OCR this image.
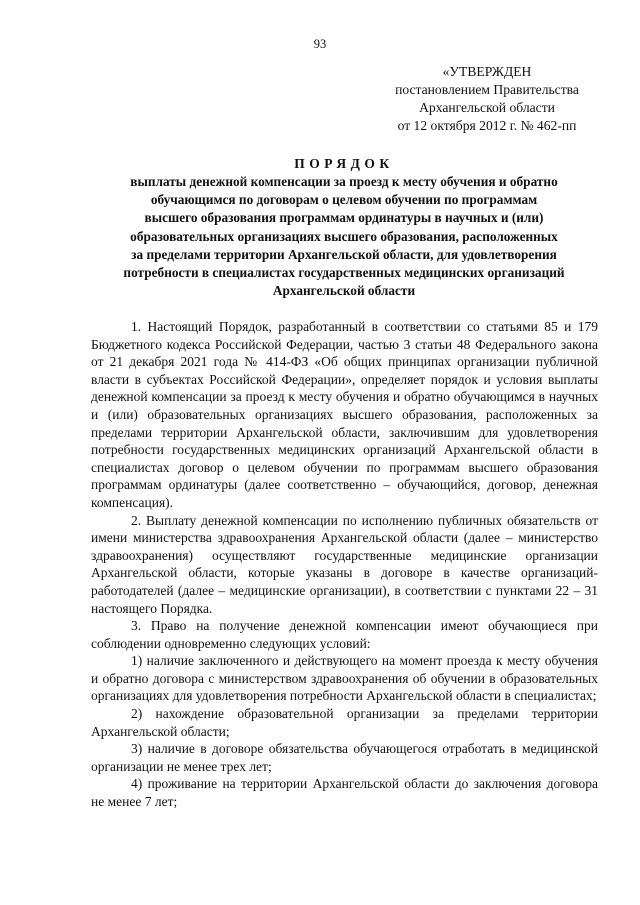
93
«УТВЕРЖДЕН
постановлением Правительства
Архангельской области
от 12 октября 2012 г. № 462-пп
ПОРЯДОК
выплаты денежной компенсации за проезд к месту обучения и обратно
обучающимся по договорам о целевом обучении по программам
высшего образования программам ординатуры в научных и (или)
образовательных организациях высшего образования, расположенных
за пределами территории Архангельской области, для удовлетворения
потребности в специалистах государственных медицинских организаций
Архангельской области

1. Настоящий Порядок, разработанный в соответствии со статьями 85 и 179 Бюджетного кодекса Российской Федерации, частью 3 статьи 48 Федерального закона от 21 декабря 2021 года № 414-ФЗ «Об общих принципах организации публичной власти в субъектах Российской Федерации», определяет порядок и условия выплаты денежной компенсации за проезд к месту обучения и обратно обучающимся в научных и (или) образовательных организациях высшего образования, расположенных за пределами территории Архангельской области, заключившим для удовлетворения потребности государственных медицинских организаций Архангельской области в специалистах договор о целевом обучении по программам высшего образования программам ординатуры (далее соответственно – обучающийся, договор, денежная компенсация).

2. Выплату денежной компенсации по исполнению публичных обязательств от имени министерства здравоохранения Архангельской области (далее – министерство здравоохранения) осуществляют государственные медицинские организации Архангельской области, которые указаны в договоре в качестве организаций-работодателей (далее – медицинские организации), в соответствии с пунктами 22 – 31 настоящего Порядка.

3. Право на получение денежной компенсации имеют обучающиеся при соблюдении одновременно следующих условий:

1) наличие заключенного и действующего на момент проезда к месту обучения и обратно договора с министерством здравоохранения об обучении в образовательных организациях для удовлетворения потребности Архангельской области в специалистах;

2) нахождение образовательной организации за пределами территории Архангельской области;

3) наличие в договоре обязательства обучающегося отработать в медицинской организации не менее трех лет;

4) проживание на территории Архангельской области до заключения договора не менее 7 лет;
